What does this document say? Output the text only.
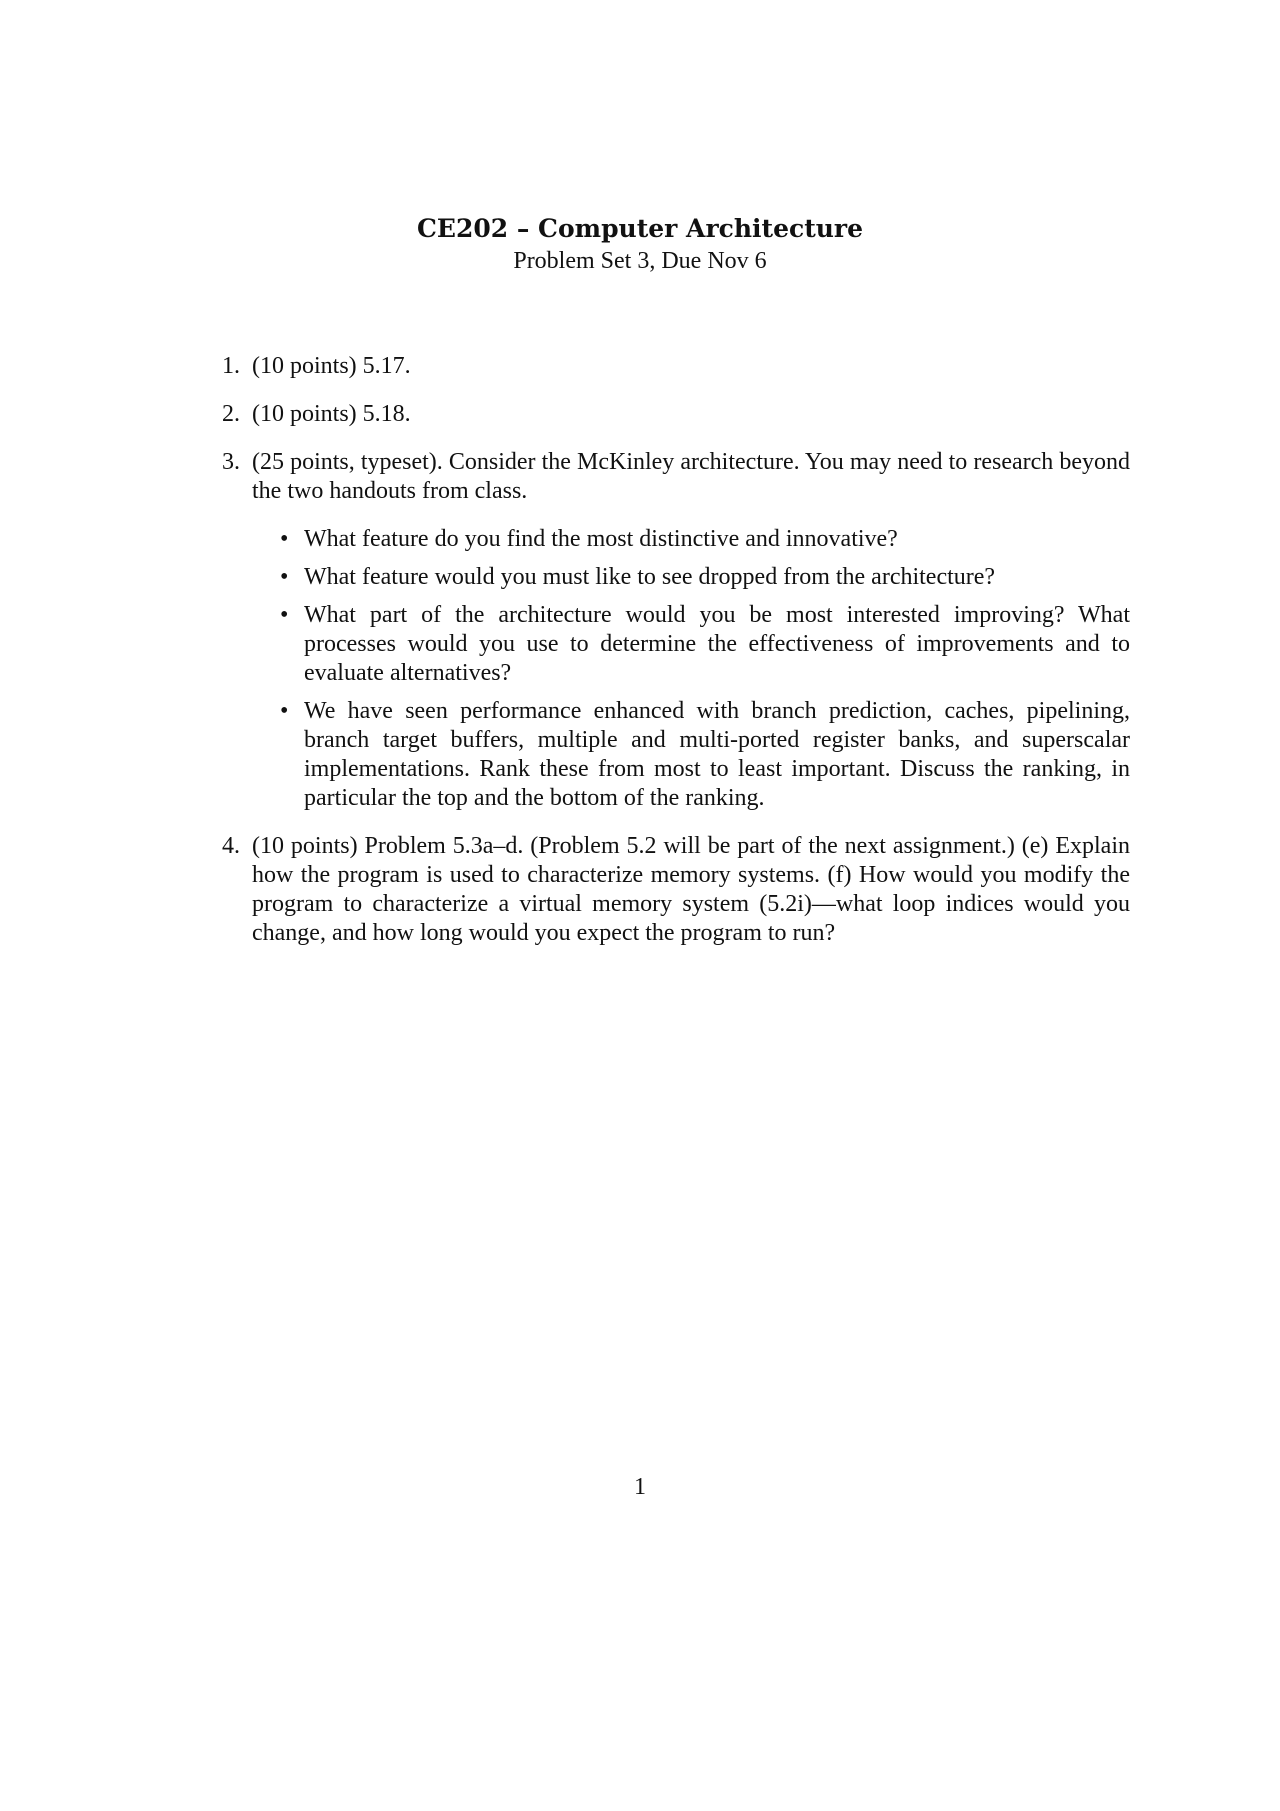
CE202 – Computer Architecture

Problem Set 3, Due Nov 6

1. (10 points) 5.17.
2. (10 points) 5.18.
3. (25 points, typeset). Consider the McKinley architecture. You may need to research beyond the two handouts from class.
• What feature do you find the most distinctive and innovative?
• What feature would you must like to see dropped from the architecture?
• What part of the architecture would you be most interested improving? What processes would you use to determine the effectiveness of improvements and to evaluate alternatives?
• We have seen performance enhanced with branch prediction, caches, pipelining, branch target buffers, multiple and multi-ported register banks, and superscalar implementations. Rank these from most to least important. Discuss the ranking, in particular the top and the bottom of the ranking.
4. (10 points) Problem 5.3a–d. (Problem 5.2 will be part of the next assignment.) (e) Explain how the program is used to characterize memory systems. (f) How would you modify the program to characterize a virtual memory system (5.2i)—what loop indices would you change, and how long would you expect the program to run?
1
